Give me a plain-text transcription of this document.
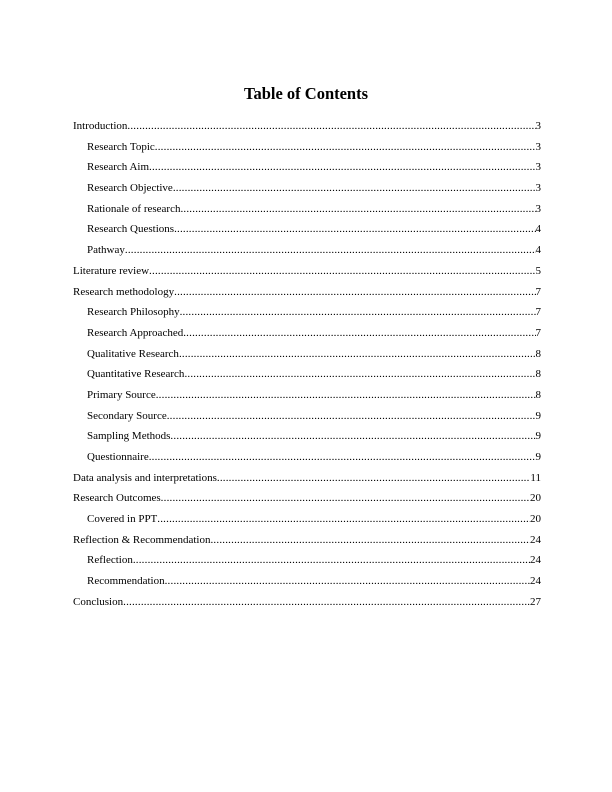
Table of Contents
Introduction .....	3
Research Topic .....	3
Research Aim .....	3
Research Objective .....	3
Rationale of research .....	3
Research Questions .....	4
Pathway .....	4
Literature review .....	5
Research methodology .....	7
Research Philosophy .....	7
Research Approached .....	7
Qualitative Research .....	8
Quantitative Research .....	8
Primary Source .....	8
Secondary Source .....	9
Sampling Methods .....	9
Questionnaire .....	9
Data analysis and interpretations .....	11
Research Outcomes .....	20
Covered in PPT .....	20
Reflection & Recommendation .....	24
Reflection .....	24
Recommendation .....	24
Conclusion .....	27
